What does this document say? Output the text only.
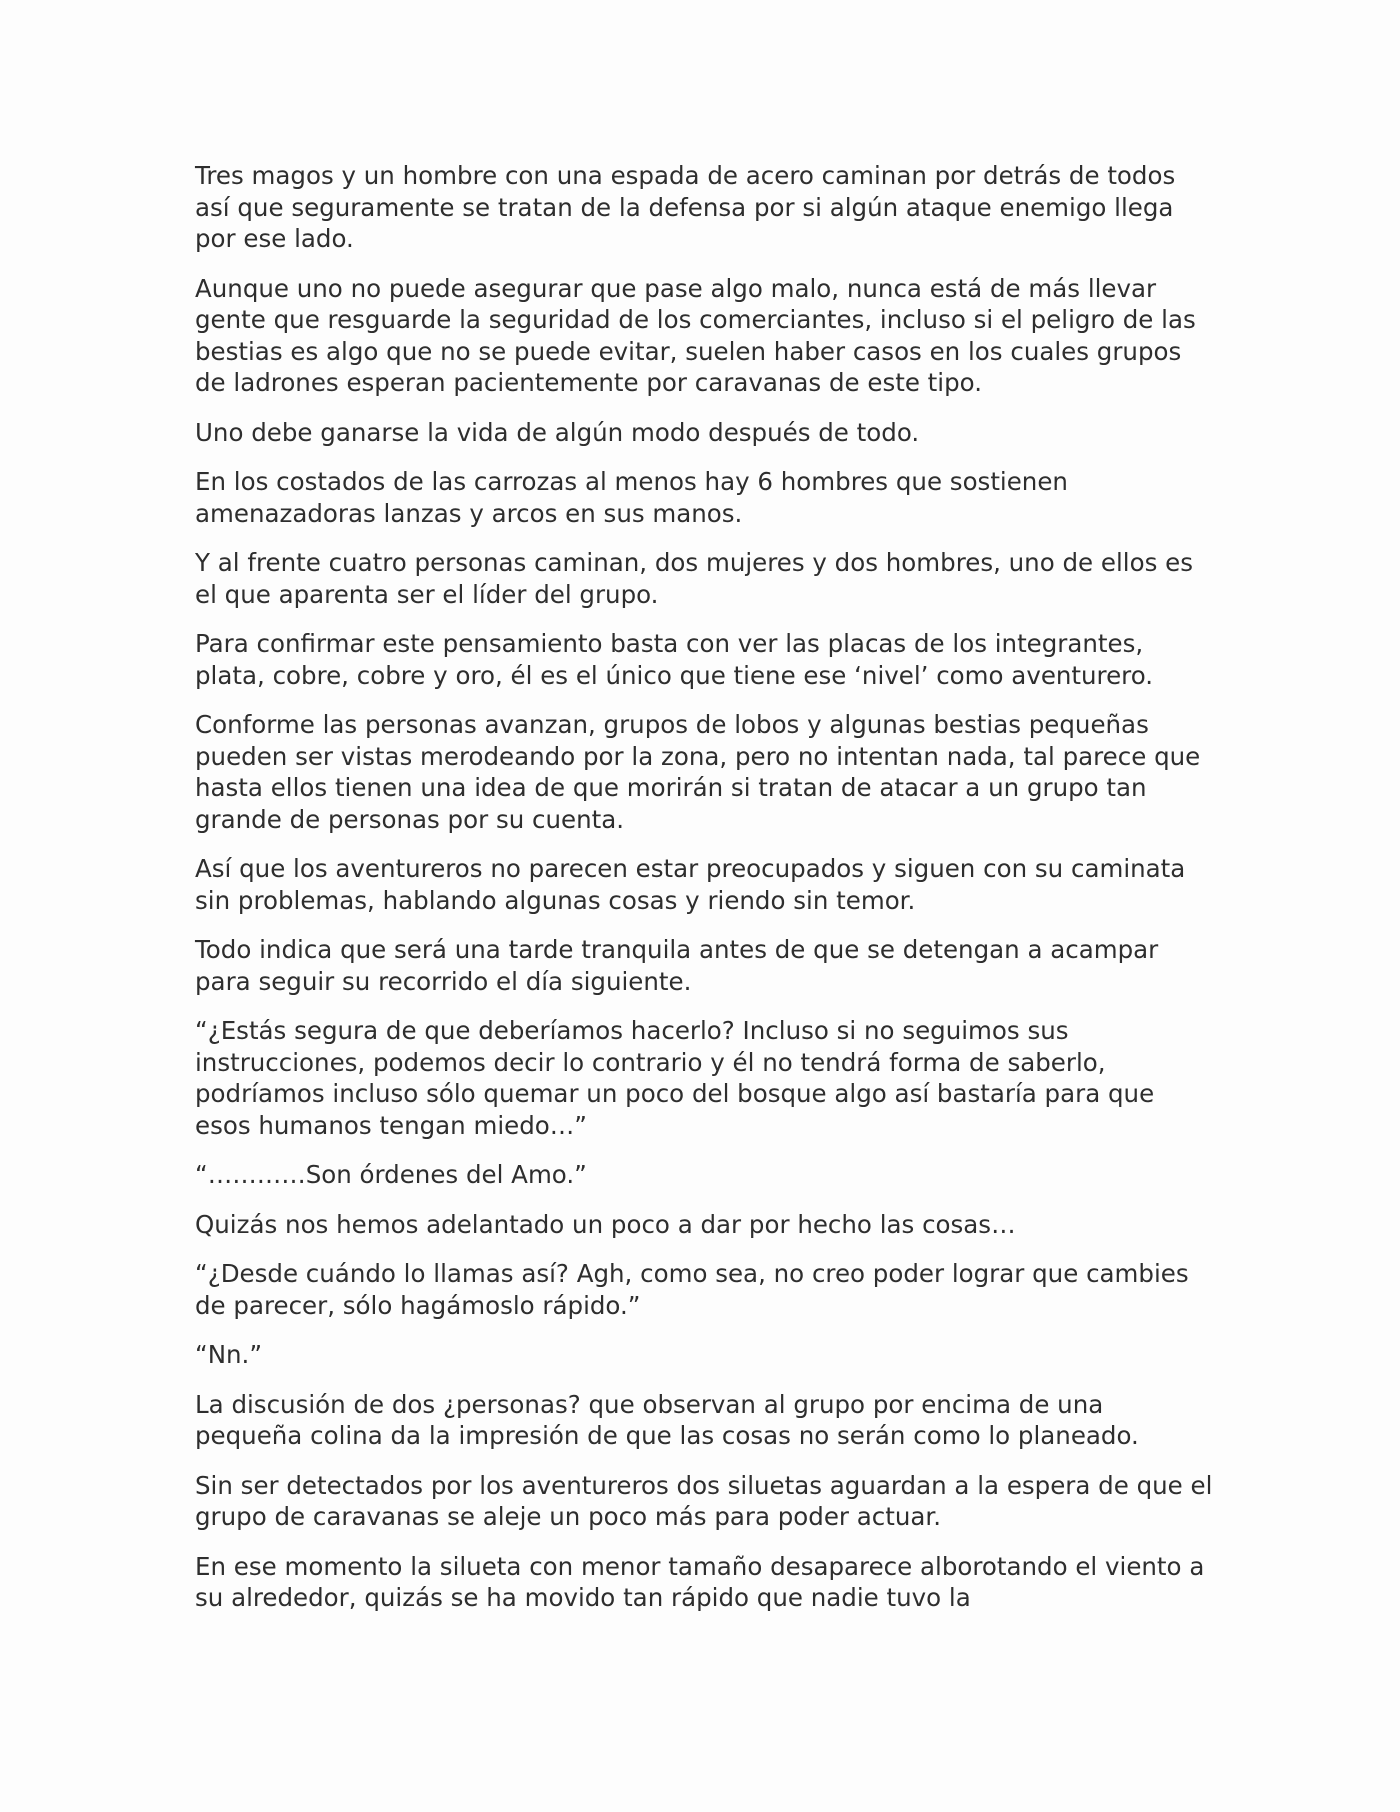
Tres magos y un hombre con una espada de acero caminan por detrás de todos así que seguramente se tratan de la defensa por si algún ataque enemigo llega por ese lado.

Aunque uno no puede asegurar que pase algo malo, nunca está de más llevar gente que resguarde la seguridad de los comerciantes, incluso si el peligro de las bestias es algo que no se puede evitar, suelen haber casos en los cuales grupos de ladrones esperan pacientemente por caravanas de este tipo.

Uno debe ganarse la vida de algún modo después de todo.

En los costados de las carrozas al menos hay 6 hombres que sostienen amenazadoras lanzas y arcos en sus manos.

Y al frente cuatro personas caminan, dos mujeres y dos hombres, uno de ellos es el que aparenta ser el líder del grupo.

Para confirmar este pensamiento basta con ver las placas de los integrantes, plata, cobre, cobre y oro, él es el único que tiene ese ‘nivel’ como aventurero.

Conforme las personas avanzan, grupos de lobos y algunas bestias pequeñas pueden ser vistas merodeando por la zona, pero no intentan nada, tal parece que hasta ellos tienen una idea de que morirán si tratan de atacar a un grupo tan grande de personas por su cuenta.

Así que los aventureros no parecen estar preocupados y siguen con su caminata sin problemas, hablando algunas cosas y riendo sin temor.

Todo indica que será una tarde tranquila antes de que se detengan a acampar para seguir su recorrido el día siguiente.

“¿Estás segura de que deberíamos hacerlo? Incluso si no seguimos sus instrucciones, podemos decir lo contrario y él no tendrá forma de saberlo, podríamos incluso sólo quemar un poco del bosque algo así bastaría para que esos humanos tengan miedo…”

“…………Son órdenes del Amo.”

Quizás nos hemos adelantado un poco a dar por hecho las cosas…

“¿Desde cuándo lo llamas así? Agh, como sea, no creo poder lograr que cambies de parecer, sólo hagámoslo rápido.”

“Nn.”

La discusión de dos ¿personas? que observan al grupo por encima de una pequeña colina da la impresión de que las cosas no serán como lo planeado.

Sin ser detectados por los aventureros dos siluetas aguardan a la espera de que el grupo de caravanas se aleje un poco más para poder actuar.

En ese momento la silueta con menor tamaño desaparece alborotando el viento a su alrededor, quizás se ha movido tan rápido que nadie tuvo la
